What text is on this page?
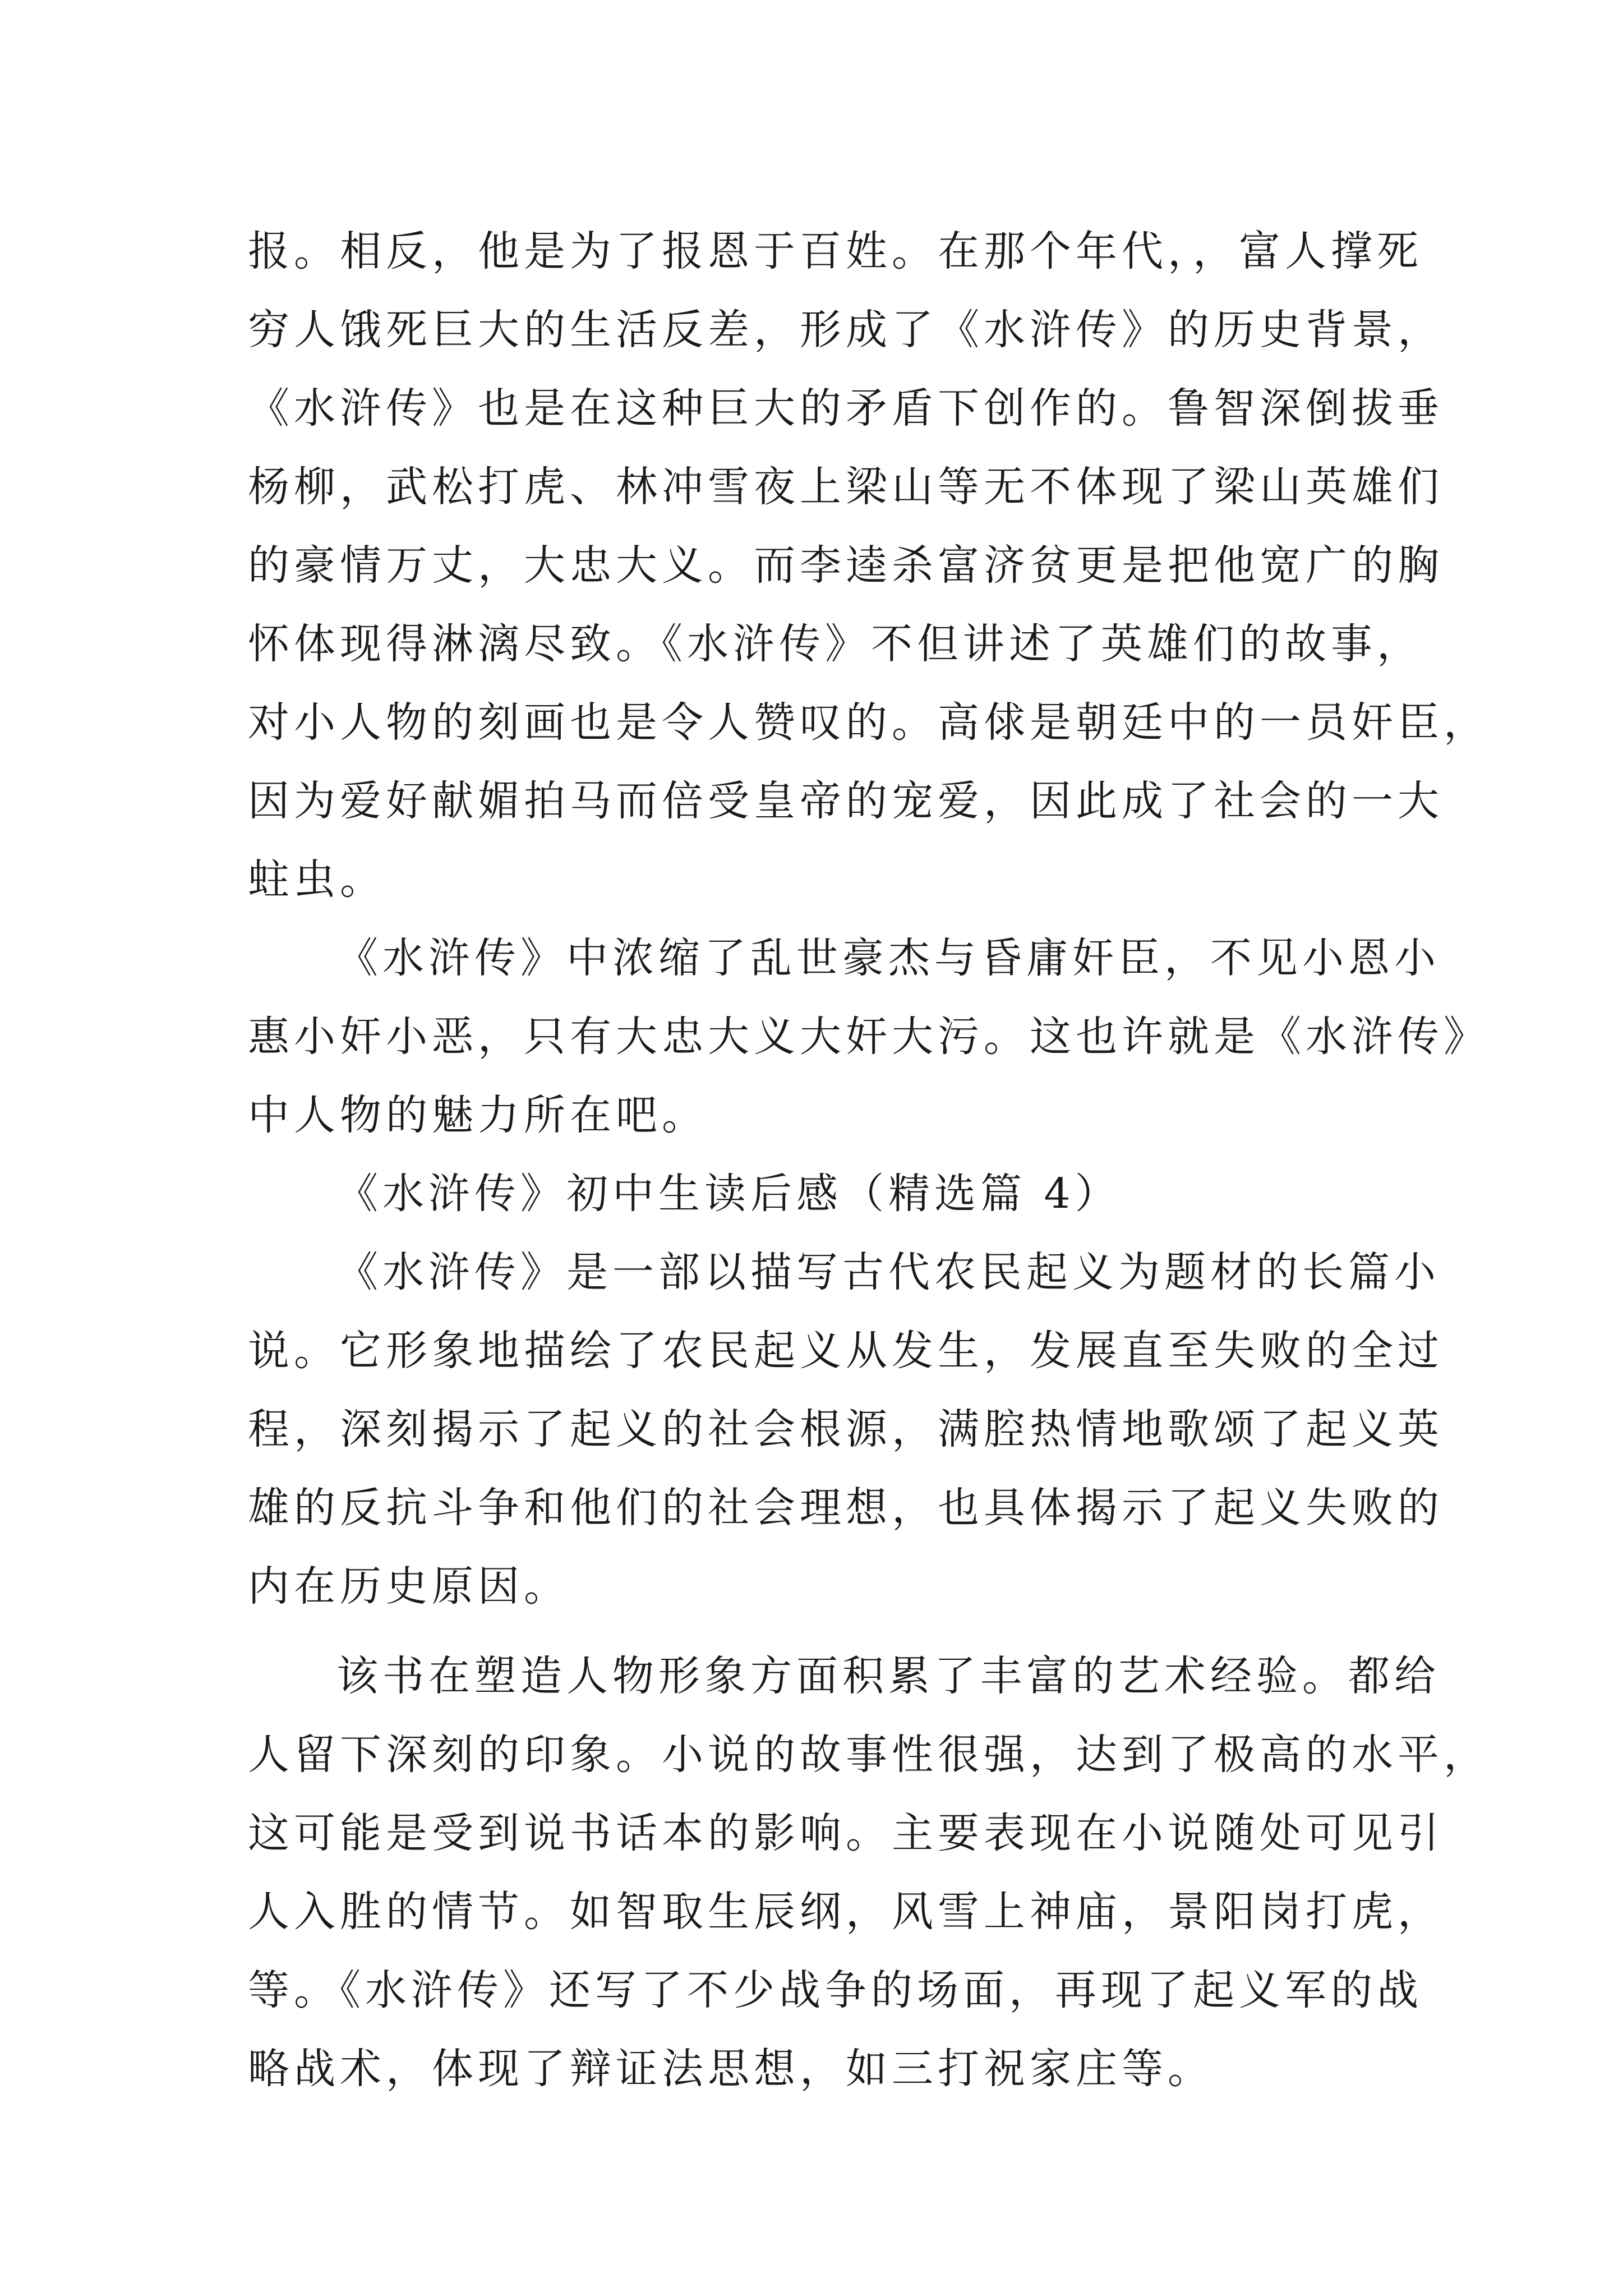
报。相反，他是为了报恩于百姓。在那个年代，，富人撑死
穷人饿死巨大的生活反差，形成了《水浒传》的历史背景，
《水浒传》也是在这种巨大的矛盾下创作的。鲁智深倒拔垂
杨柳，武松打虎、林冲雪夜上梁山等无不体现了梁山英雄们
的豪情万丈，大忠大义。而李逵杀富济贫更是把他宽广的胸
怀体现得淋漓尽致。《水浒传》不但讲述了英雄们的故事，
对小人物的刻画也是令人赞叹的。高俅是朝廷中的一员奸臣，
因为爱好献媚拍马而倍受皇帝的宠爱，因此成了社会的一大
蛀虫。
《水浒传》中浓缩了乱世豪杰与昏庸奸臣，不见小恩小
惠小奸小恶，只有大忠大义大奸大污。这也许就是《水浒传》
中人物的魅力所在吧。
《水浒传》初中生读后感（精选篇 4）
《水浒传》是一部以描写古代农民起义为题材的长篇小
说。它形象地描绘了农民起义从发生，发展直至失败的全过
程，深刻揭示了起义的社会根源，满腔热情地歌颂了起义英
雄的反抗斗争和他们的社会理想，也具体揭示了起义失败的
内在历史原因。
该书在塑造人物形象方面积累了丰富的艺术经验。都给
人留下深刻的印象。小说的故事性很强，达到了极高的水平，
这可能是受到说书话本的影响。主要表现在小说随处可见引
人入胜的情节。如智取生辰纲，风雪上神庙，景阳岗打虎，
等。《水浒传》还写了不少战争的场面，再现了起义军的战
略战术，体现了辩证法思想，如三打祝家庄等。
